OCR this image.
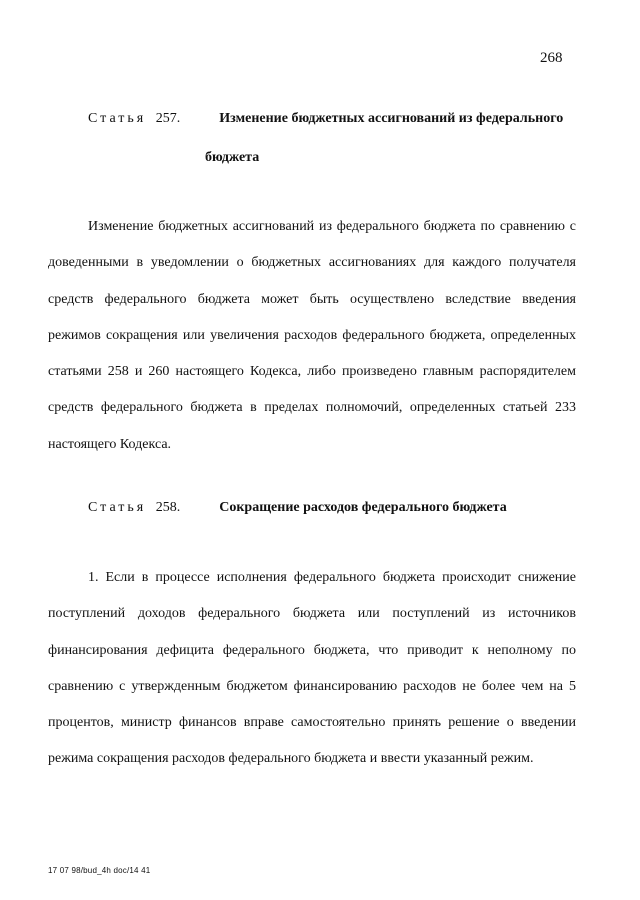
268
Статья 257.	Изменение бюджетных ассигнований из федерального
бюджета

Изменение бюджетных ассигнований из федерального бюджета по сравнению с доведенными в уведомлении о бюджетных ассигнованиях для каждого получателя средств федерального бюджета может быть осуществлено вследствие введения режимов сокращения или увеличения расходов федерального бюджета, определенных статьями 258 и 260 настоящего Кодекса, либо произведено главным распорядителем средств федерального бюджета в пределах полномочий, определенных статьей 233 настоящего Кодекса.

Статья 258.	Сокращение расходов федерального бюджета

1. Если в процессе исполнения федерального бюджета происходит снижение поступлений доходов федерального бюджета или поступлений из источников финансирования дефицита федерального бюджета, что приводит к неполному по сравнению с утвержденным бюджетом финансированию расходов не более чем на 5 процентов, министр финансов вправе самостоятельно принять решение о введении режима сокращения расходов федерального бюджета и ввести указанный режим.

17 07 98/bud_4h doc/14 41
